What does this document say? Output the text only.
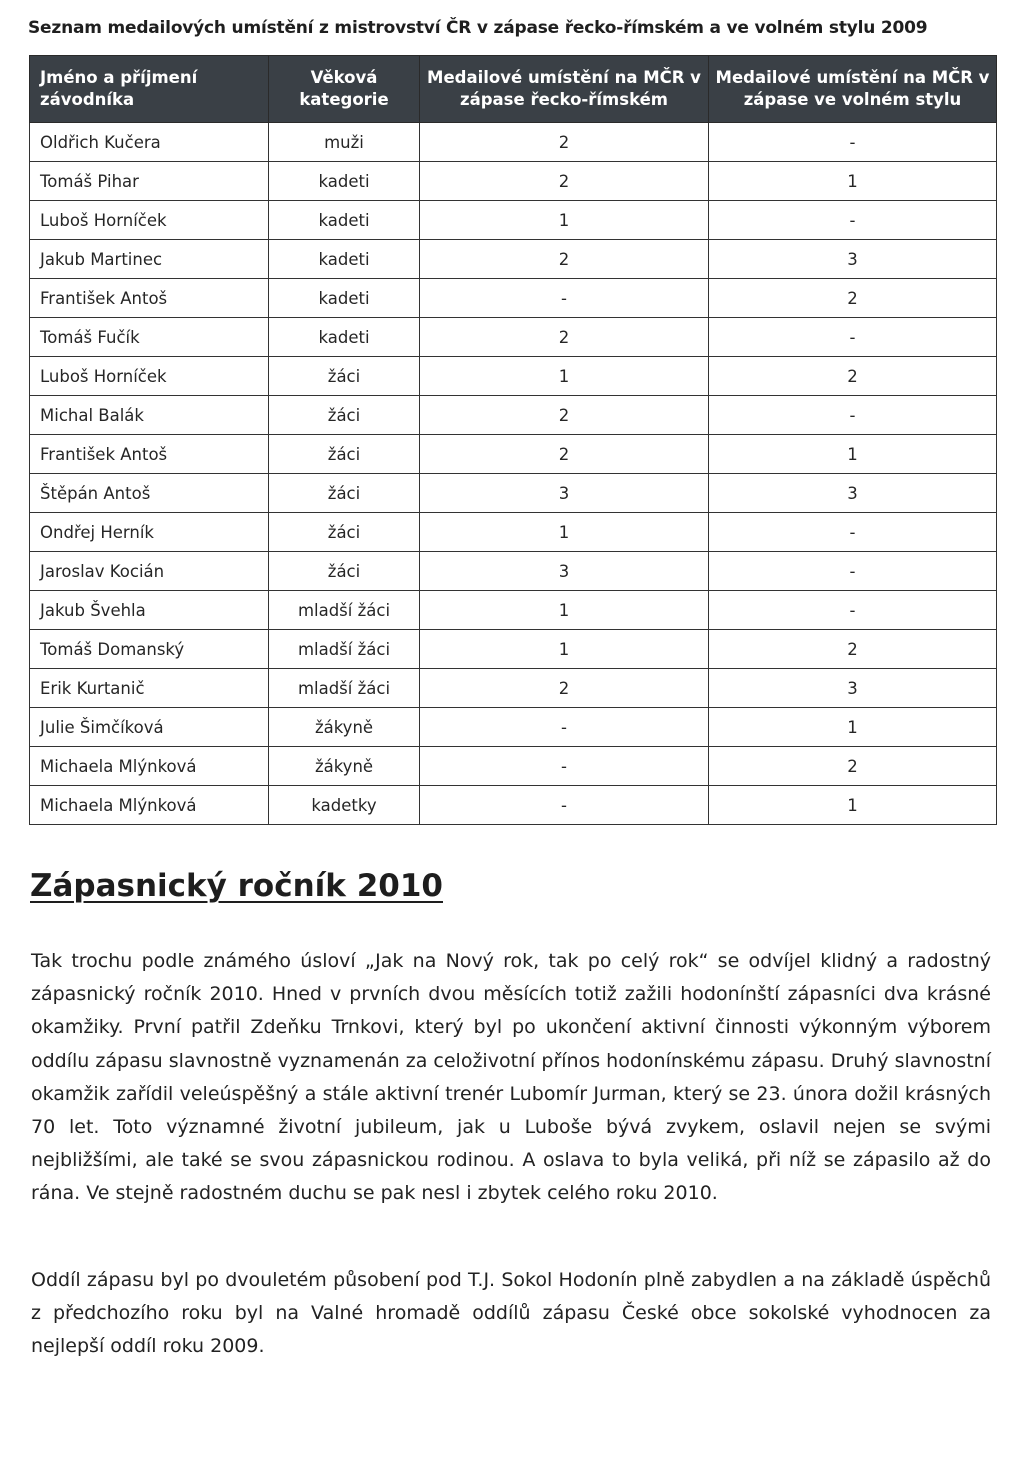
Seznam medailových umístění z mistrovství ČR v zápase řecko-římském a ve volném stylu 2009
Jméno a příjmení závodníka	Věková kategorie	Medailové umístění na MČR v zápase řecko-římském	Medailové umístění na MČR v zápase ve volném stylu
Oldřich Kučera	muži	2	-
Tomáš Pihar	kadeti	2	1
Luboš Horníček	kadeti	1	-
Jakub Martinec	kadeti	2	3
František Antoš	kadeti	-	2
Tomáš Fučík	kadeti	2	-
Luboš Horníček	žáci	1	2
Michal Balák	žáci	2	-
František Antoš	žáci	2	1
Štěpán Antoš	žáci	3	3
Ondřej Herník	žáci	1	-
Jaroslav Kocián	žáci	3	-
Jakub Švehla	mladší žáci	1	-
Tomáš Domanský	mladší žáci	1	2
Erik Kurtanič	mladší žáci	2	3
Julie Šimčíková	žákyně	-	1
Michaela Mlýnková	žákyně	-	2
Michaela Mlýnková	kadetky	-	1
Zápasnický ročník 2010

Tak trochu podle známého úsloví „Jak na Nový rok, tak po celý rok“ se odvíjel klidný a radostný zápasnický ročník 2010. Hned v prvních dvou měsících totiž zažili hodonínští zápasníci dva krásné okamžiky. První patřil Zdeňku Trnkovi, který byl po ukončení aktivní činnosti výkonným výborem oddílu zápasu slavnostně vyznamenán za celoživotní přínos hodonínskému zápasu. Druhý slavnostní okamžik zařídil veleúspěšný a stále aktivní trenér Lubomír Jurman, který se 23. února dožil krásných 70 let. Toto významné životní jubileum, jak u Luboše bývá zvykem, oslavil nejen se svými nejbližšími, ale také se svou zápasnickou rodinou. A oslava to byla veliká, při níž se zápasilo až do rána. Ve stejně radostném duchu se pak nesl i zbytek celého roku 2010.

Oddíl zápasu byl po dvouletém působení pod T.J. Sokol Hodonín plně zabydlen a na základě úspěchů z předchozího roku byl na Valné hromadě oddílů zápasu České obce sokolské vyhodnocen za nejlepší oddíl roku 2009.
